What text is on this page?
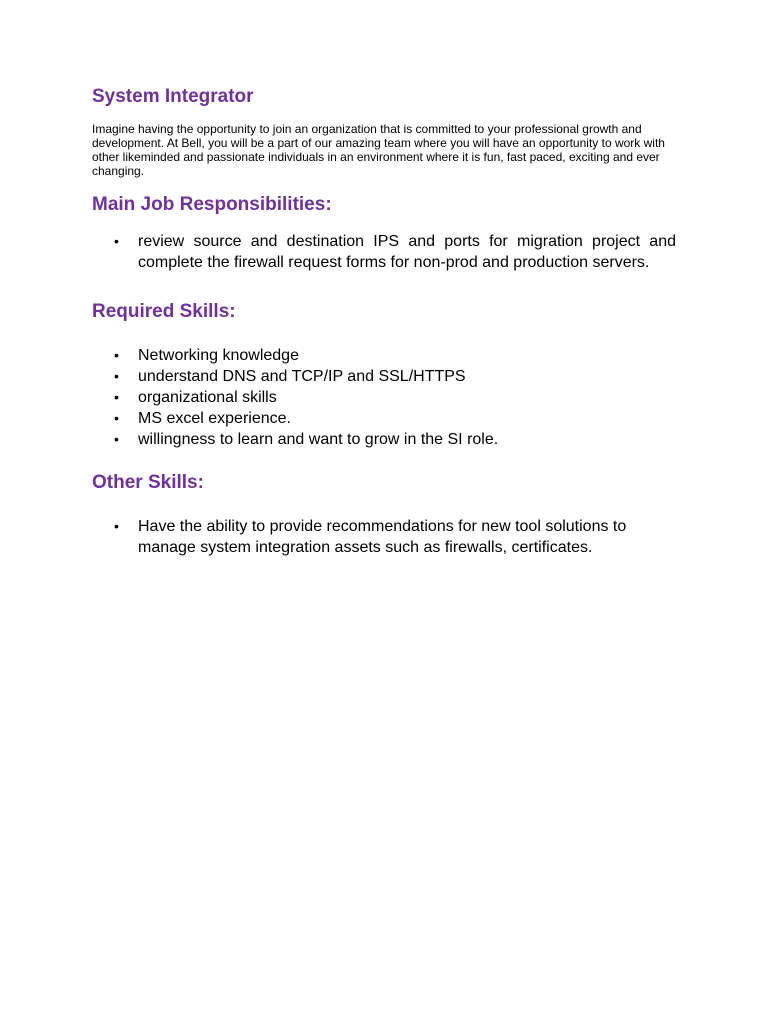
System Integrator

Imagine having the opportunity to join an organization that is committed to your professional growth and development. At Bell, you will be a part of our amazing team where you will have an opportunity to work with other likeminded and passionate individuals in an environment where it is fun, fast paced, exciting and ever changing.

Main Job Responsibilities:
• review source and destination IPS and ports for migration project and complete the firewall request forms for non-prod and production servers.
Required Skills:
• Networking knowledge
• understand DNS and TCP/IP and SSL/HTTPS
• organizational skills
• MS excel experience.
• willingness to learn and want to grow in the SI role.
Other Skills:
• Have the ability to provide recommendations for new tool solutions to manage system integration assets such as firewalls, certificates.
